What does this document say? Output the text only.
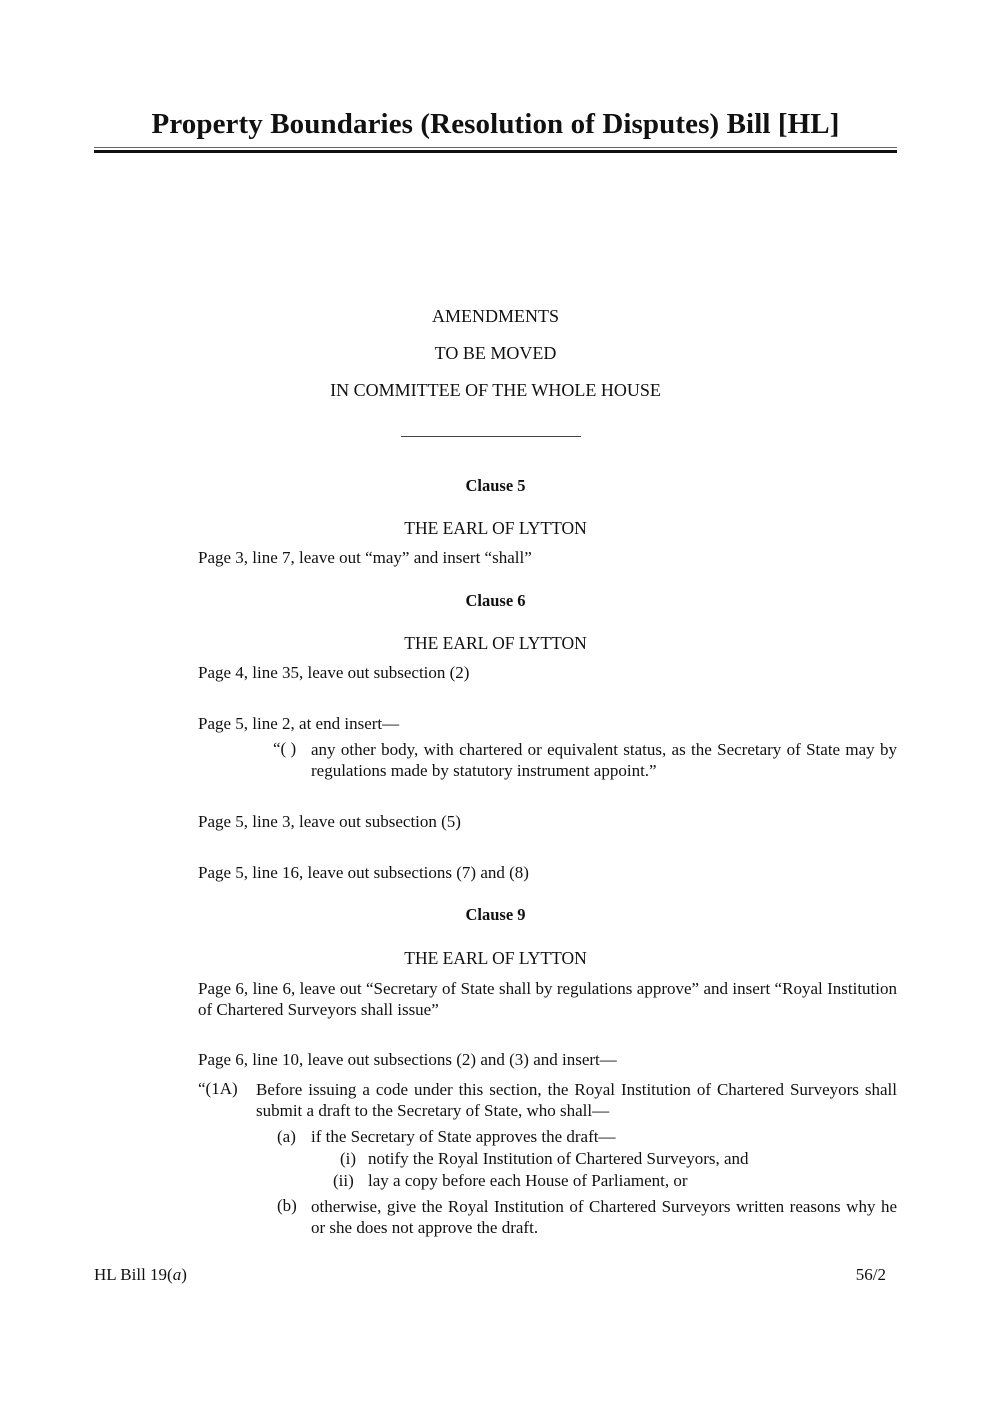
Property Boundaries (Resolution of Disputes) Bill [HL]
AMENDMENTS
TO BE MOVED
IN COMMITTEE OF THE WHOLE HOUSE
Clause 5
THE EARL OF LYTTON
Page 3, line 7, leave out “may” and insert “shall”
Clause 6
THE EARL OF LYTTON
Page 4, line 35, leave out subsection (2)
Page 5, line 2, at end insert—
“( ) any other body, with chartered or equivalent status, as the Secretary of State may by regulations made by statutory instrument appoint.”
Page 5, line 3, leave out subsection (5)
Page 5, line 16, leave out subsections (7) and (8)
Clause 9
THE EARL OF LYTTON
Page 6, line 6, leave out “Secretary of State shall by regulations approve” and insert “Royal Institution of Chartered Surveyors shall issue”
Page 6, line 10, leave out subsections (2) and (3) and insert—
“(1A) Before issuing a code under this section, the Royal Institution of Chartered Surveyors shall submit a draft to the Secretary of State, who shall—
(a) if the Secretary of State approves the draft—
(i) notify the Royal Institution of Chartered Surveyors, and
(ii) lay a copy before each House of Parliament, or
(b) otherwise, give the Royal Institution of Chartered Surveyors written reasons why he or she does not approve the draft.
HL Bill 19(a)	56/2
